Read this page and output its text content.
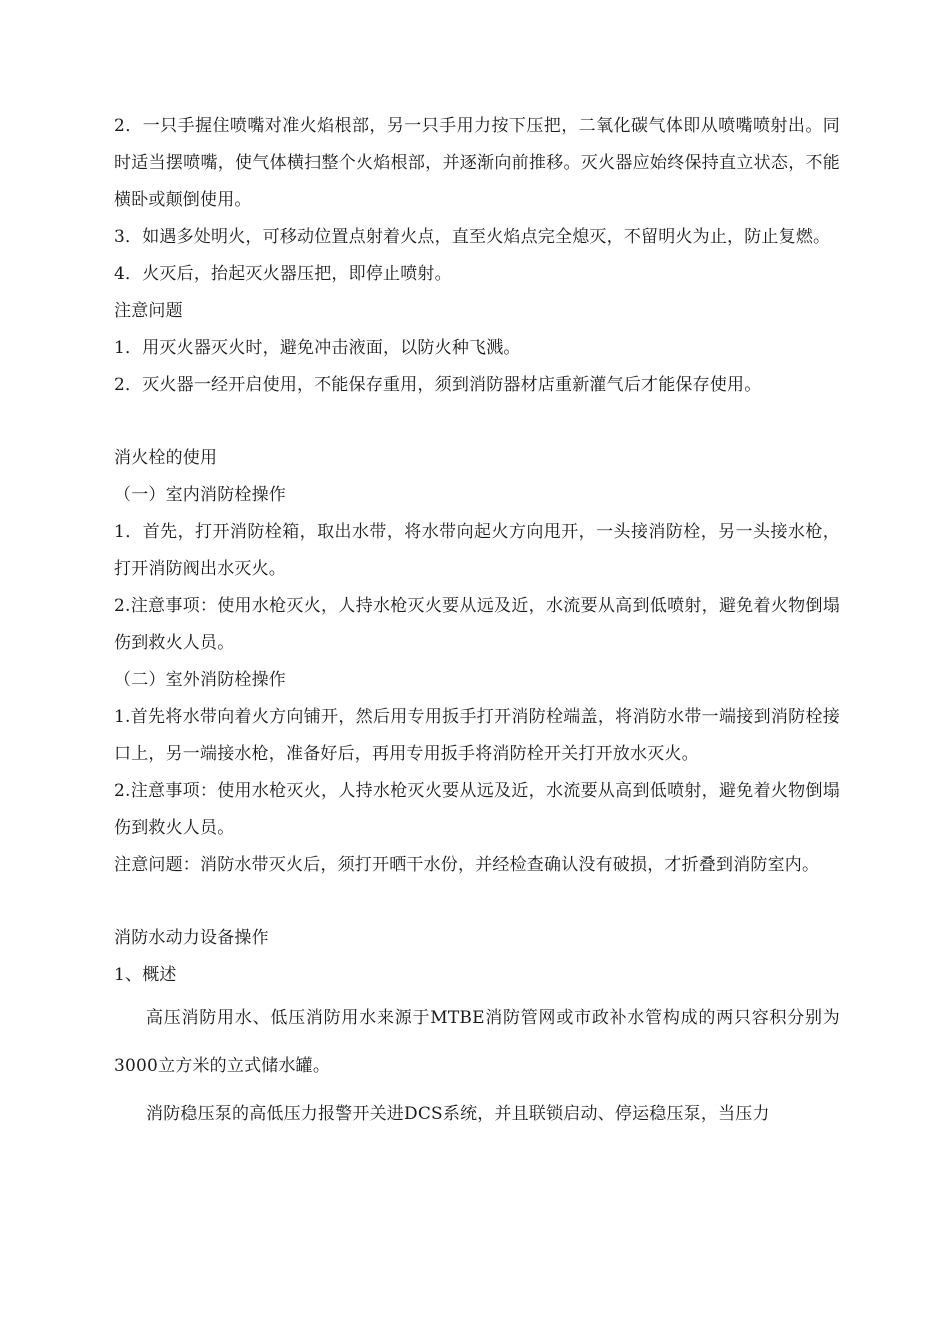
2．一只手握住喷嘴对准火焰根部，另一只手用力按下压把，二氧化碳气体即从喷嘴喷射出。同时适当摆喷嘴，使气体横扫整个火焰根部，并逐渐向前推移。灭火器应始终保持直立状态，不能横卧或颠倒使用。

3．如遇多处明火，可移动位置点射着火点，直至火焰点完全熄灭，不留明火为止，防止复燃。

4．火灭后，抬起灭火器压把，即停止喷射。

注意问题

1．用灭火器灭火时，避免冲击液面，以防火种飞溅。

2．灭火器一经开启使用，不能保存重用，须到消防器材店重新灌气后才能保存使用。

消火栓的使用

（一）室内消防栓操作

1．首先，打开消防栓箱，取出水带，将水带向起火方向甩开，一头接消防栓，另一头接水枪，打开消防阀出水灭火。

2.注意事项：使用水枪灭火，人持水枪灭火要从远及近，水流要从高到低喷射，避免着火物倒塌伤到救火人员。

（二）室外消防栓操作

1.首先将水带向着火方向铺开，然后用专用扳手打开消防栓端盖，将消防水带一端接到消防栓接口上，另一端接水枪，准备好后，再用专用扳手将消防栓开关打开放水灭火。

2.注意事项：使用水枪灭火，人持水枪灭火要从远及近，水流要从高到低喷射，避免着火物倒塌伤到救火人员。

注意问题：消防水带灭火后，须打开晒干水份，并经检查确认没有破损，才折叠到消防室内。

消防水动力设备操作

1、概述

高压消防用水、低压消防用水来源于MTBE消防管网或市政补水管构成的两只容积分别为3000立方米的立式储水罐。

消防稳压泵的高低压力报警开关进DCS系统，并且联锁启动、停运稳压泵，当压力
